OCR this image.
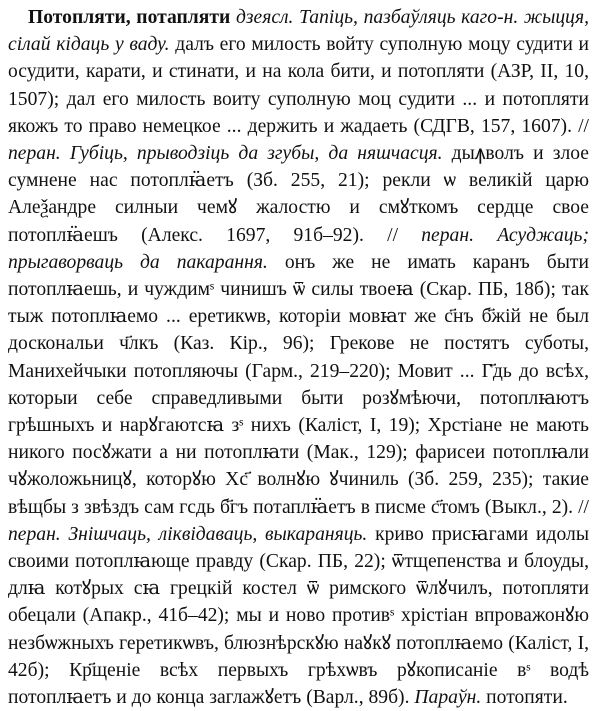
Потопляти, потапляти дзеясл. Тапіць, пазбаўляць каго-н. жыцця, сілай кідаць у ваду. далъ его милость войту суполную моцу судити и осудити, карати, и стинати, и на кола бити, и потопляти (АЗР, II, 10, 1507); дал его милость воиту суполную моц судити ... и потопляти якожъ то право немецкое ... держить и жадаеть (СДГВ, 157, 1607). // перан. Губіць, прыводзіць да згубы, да няшчасця. дыꙟволъ и злое сумнене нас потоплꙗ̈етъ (Зб. 255, 21); рекли ѡ великій царю Алеѯандре силныи чемꙋ жалостю и смꙋткомъ сердце свое потоплꙗ̈ешъ (Алекс. 1697, 91б–92). // перан. Асуджаць; прыгаворваць да пакарання. онъ же не имать каранъ быти потоплꙗешь, и чуждимˢ чинишъ ѿ силы твоеꙗ (Скар. ПБ, 18б); так тыж потоплꙗемо ... еретикѡв, которіи мовꙗт же с҃нъ б҃жій не был доскональи ч҃лкъ (Каз. Кір., 96); Грекове не постятъ суботы, Манихейчыки потопляючы (Гарм., 219–220); Мовит ... Г҃дь до всѣх, которыи себе справедливыми быти розꙋмѣючи, потоплꙗютъ грѣшныхъ и нарꙋгаютсꙗ зˢ нихъ (Каліст, І, 19); Хрстіане не мають никого посꙋжати а ни потоплꙗти (Мак., 129); фарисеи потоплꙗли чꙋжоложьницꙋ, которꙋю Хс҃ волнꙋю ꙋчиниль (Зб. 259, 235); такие вѣщбы з звѣздъ сам гсдь б҃гъ потаплꙗ̈етъ в писме с҃томъ (Выкл., 2). // перан. Знішчаць, ліквідаваць, выкараняць. криво присꙗгами идолы своими потоплꙗюще правду (Скар. ПБ, 22); ѿтщепенства и блоуды, длꙗ котꙋрых сꙗ грецкій костел ѿ римского ѿлꙋчилъ, потопляти обецали (Апакр., 41б–42); мы и ново противˢ хрістіан впроважонꙋю незбѡжныхъ геретикѡвъ, блюзнѣрскꙋю наꙋкꙋ потоплꙗемо (Каліст, І, 42б); Кр҃щеніе всѣх первыхъ грѣхѡвъ рꙋкописаніе вˢ водѣ потоплꙗетъ и до конца заглажꙋетъ (Варл., 89б). Параўн. потопяти.
